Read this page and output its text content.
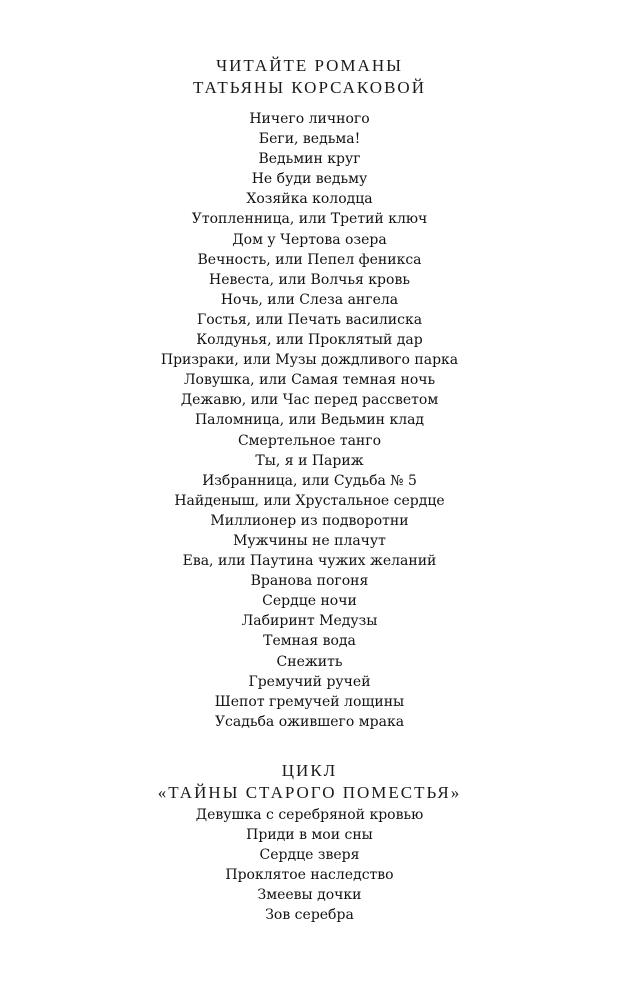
ЧИТАЙТЕ РОМАНЫ
ТАТЬЯНЫ КОРСАКОВОЙ
Ничего личного
Беги, ведьма!
Ведьмин круг
Не буди ведьму
Хозяйка колодца
Утопленница, или Третий ключ
Дом у Чертова озера
Вечность, или Пепел феникса
Невеста, или Волчья кровь
Ночь, или Слеза ангела
Гостья, или Печать василиска
Колдунья, или Проклятый дар
Призраки, или Музы дождливого парка
Ловушка, или Самая темная ночь
Дежавю, или Час перед рассветом
Паломница, или Ведьмин клад
Смертельное танго
Ты, я и Париж
Избранница, или Судьба № 5
Найденыш, или Хрустальное сердце
Миллионер из подворотни
Мужчины не плачут
Ева, или Паутина чужих желаний
Вранова погоня
Сердце ночи
Лабиринт Медузы
Темная вода
Снежить
Гремучий ручей
Шепот гремучей лощины
Усадьба ожившего мрака
ЦИКЛ
«ТАЙНЫ СТАРОГО ПОМЕСТЬЯ»
Девушка с серебряной кровью
Приди в мои сны
Сердце зверя
Проклятое наследство
Змеевы дочки
Зов серебра
